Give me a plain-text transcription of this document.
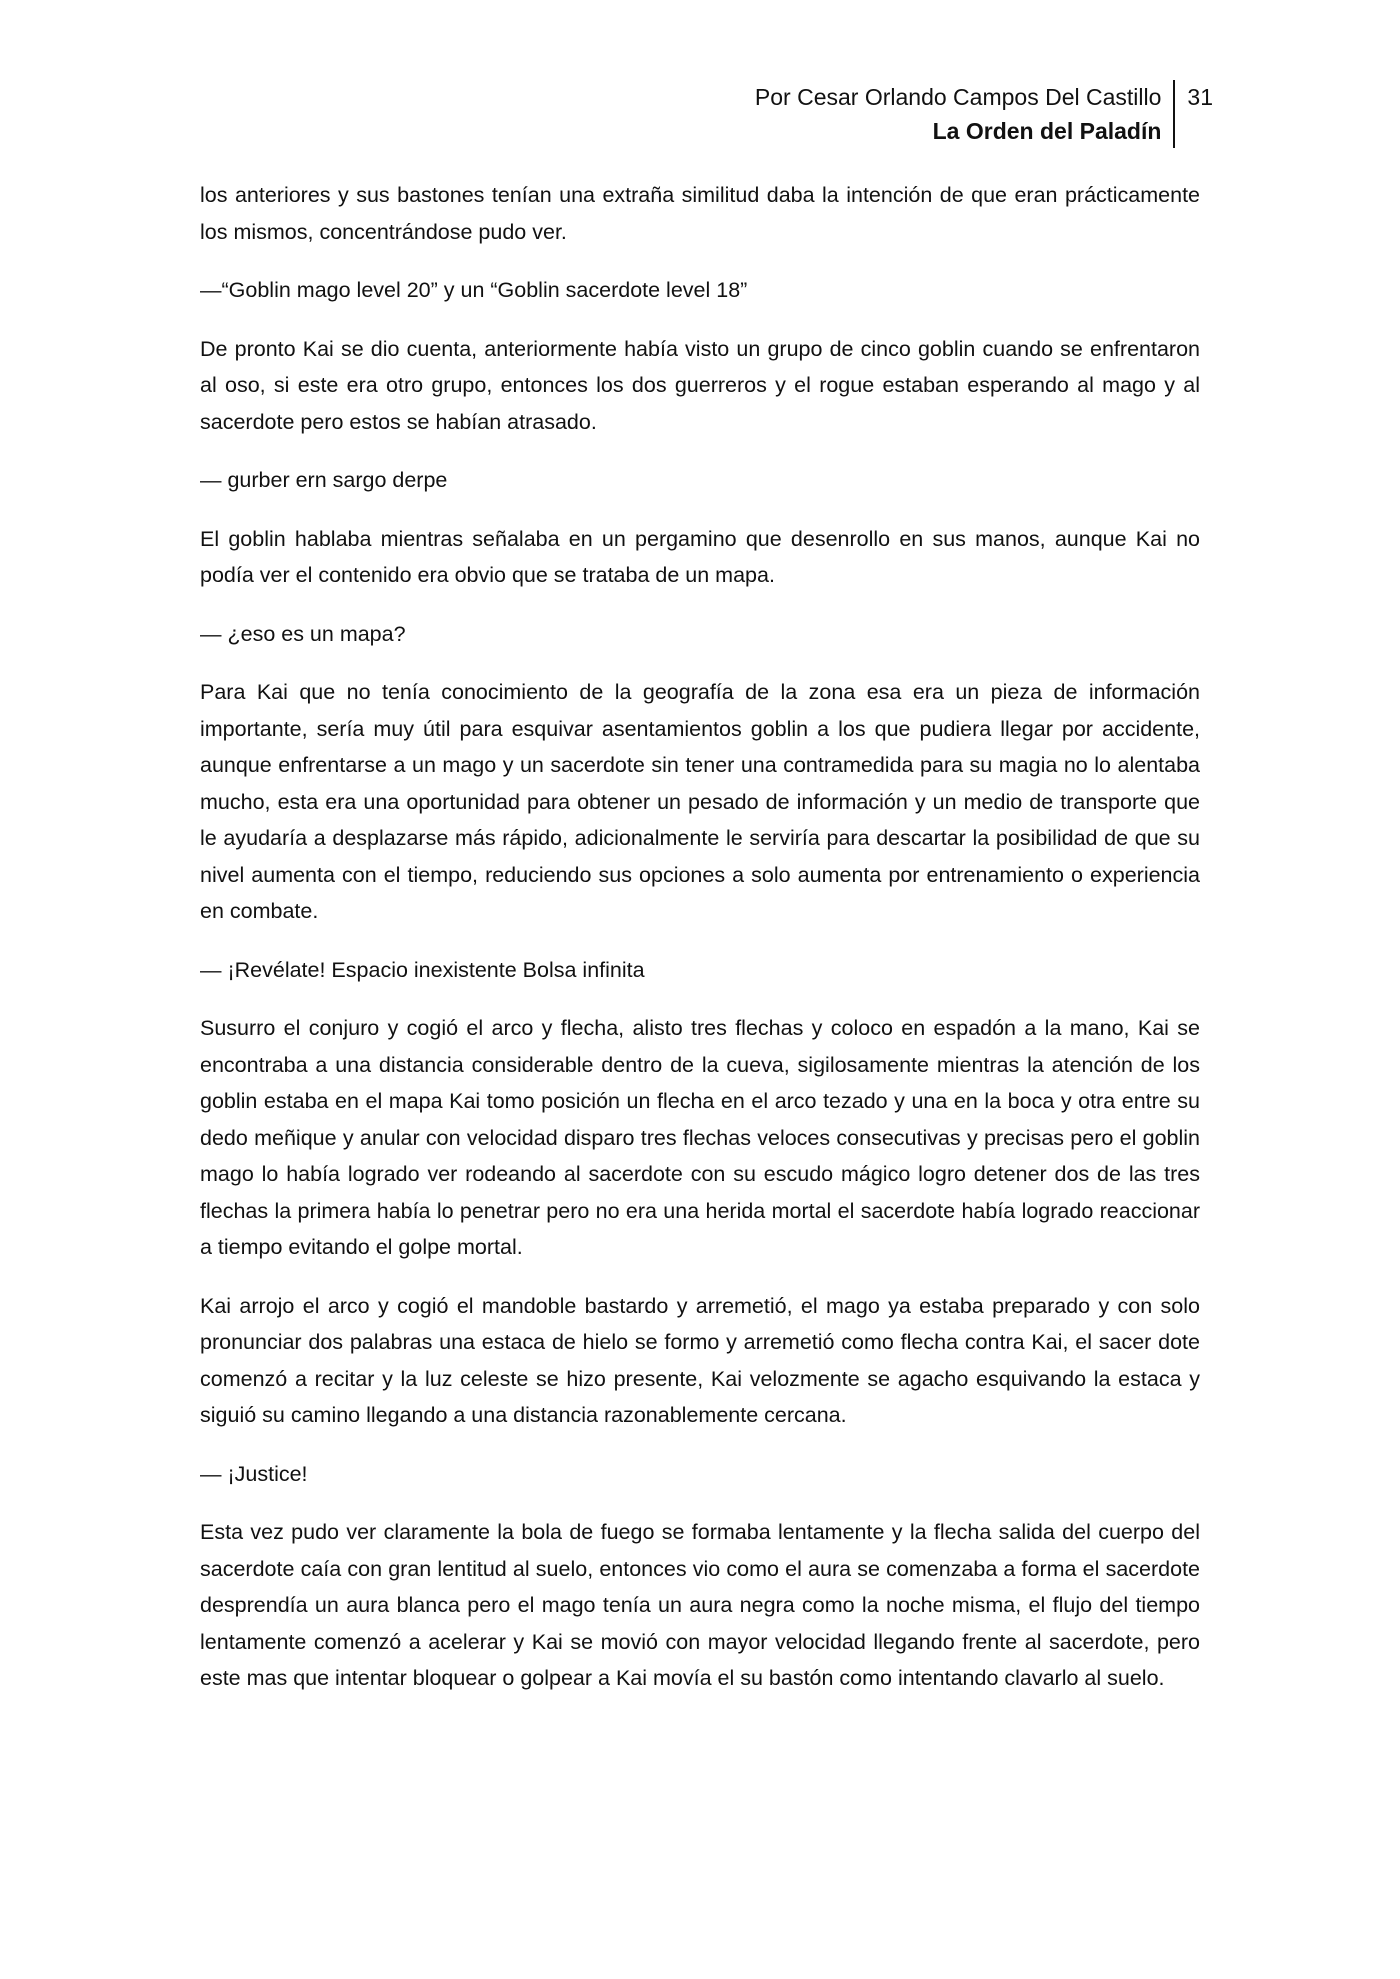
Por Cesar Orlando Campos Del Castillo
La Orden del Paladín
31

los anteriores y sus bastones tenían una extraña similitud daba la intención de que eran prácticamente los mismos, concentrándose pudo ver.

—“Goblin mago level 20” y un “Goblin sacerdote level 18”

De pronto Kai se dio cuenta, anteriormente había visto un grupo de cinco goblin cuando se enfrentaron al oso, si este era otro grupo, entonces los dos guerreros y el rogue estaban esperando al mago y al sacerdote pero estos se habían atrasado.

— gurber ern sargo derpe

El goblin hablaba mientras señalaba en un pergamino que desenrollo en sus manos, aunque Kai no podía ver el contenido era obvio que se trataba de un mapa.

— ¿eso es un mapa?

Para Kai que no tenía conocimiento de la geografía de la zona esa era un pieza de información importante, sería muy útil para esquivar asentamientos goblin a los que pudiera llegar por accidente, aunque enfrentarse a un mago y un sacerdote sin tener una contramedida para su magia no lo alentaba mucho, esta era una oportunidad para obtener un pesado de información y un medio de transporte que le ayudaría a desplazarse más rápido, adicionalmente le serviría para descartar la posibilidad de que su nivel aumenta con el tiempo, reduciendo sus opciones a solo aumenta por entrenamiento o experiencia en combate.

— ¡Revélate! Espacio inexistente Bolsa infinita

Susurro el conjuro y cogió el arco y flecha, alisto tres flechas y coloco en espadón a la mano, Kai se encontraba a una distancia considerable dentro de la cueva, sigilosamente mientras la atención de los goblin estaba en el mapa Kai tomo posición un flecha en el arco tezado y una en la boca y otra entre su dedo meñique y anular con velocidad disparo tres flechas veloces consecutivas y precisas pero el goblin mago lo había logrado ver rodeando al sacerdote con su escudo mágico logro detener dos de las tres flechas la primera había lo penetrar pero no era una herida mortal el sacerdote había logrado reaccionar a tiempo evitando el golpe mortal.

Kai arrojo el arco y cogió el mandoble bastardo y arremetió, el mago ya estaba preparado y con solo pronunciar dos palabras una estaca de hielo se formo y arremetió como flecha contra Kai, el sacer dote comenzó a recitar y la luz celeste se hizo presente, Kai velozmente se agacho esquivando la estaca y siguió su camino llegando a una distancia razonablemente cercana.

— ¡Justice!

Esta vez pudo ver claramente la bola de fuego se formaba lentamente y la flecha salida del cuerpo del sacerdote caía con gran lentitud al suelo, entonces vio como el aura se comenzaba a forma el sacerdote desprendía un aura blanca pero el mago tenía un aura negra como la noche misma, el flujo del tiempo lentamente comenzó a acelerar y Kai se movió con mayor velocidad llegando frente al sacerdote, pero este mas que intentar bloquear o golpear a Kai movía el su bastón como intentando clavarlo al suelo.
